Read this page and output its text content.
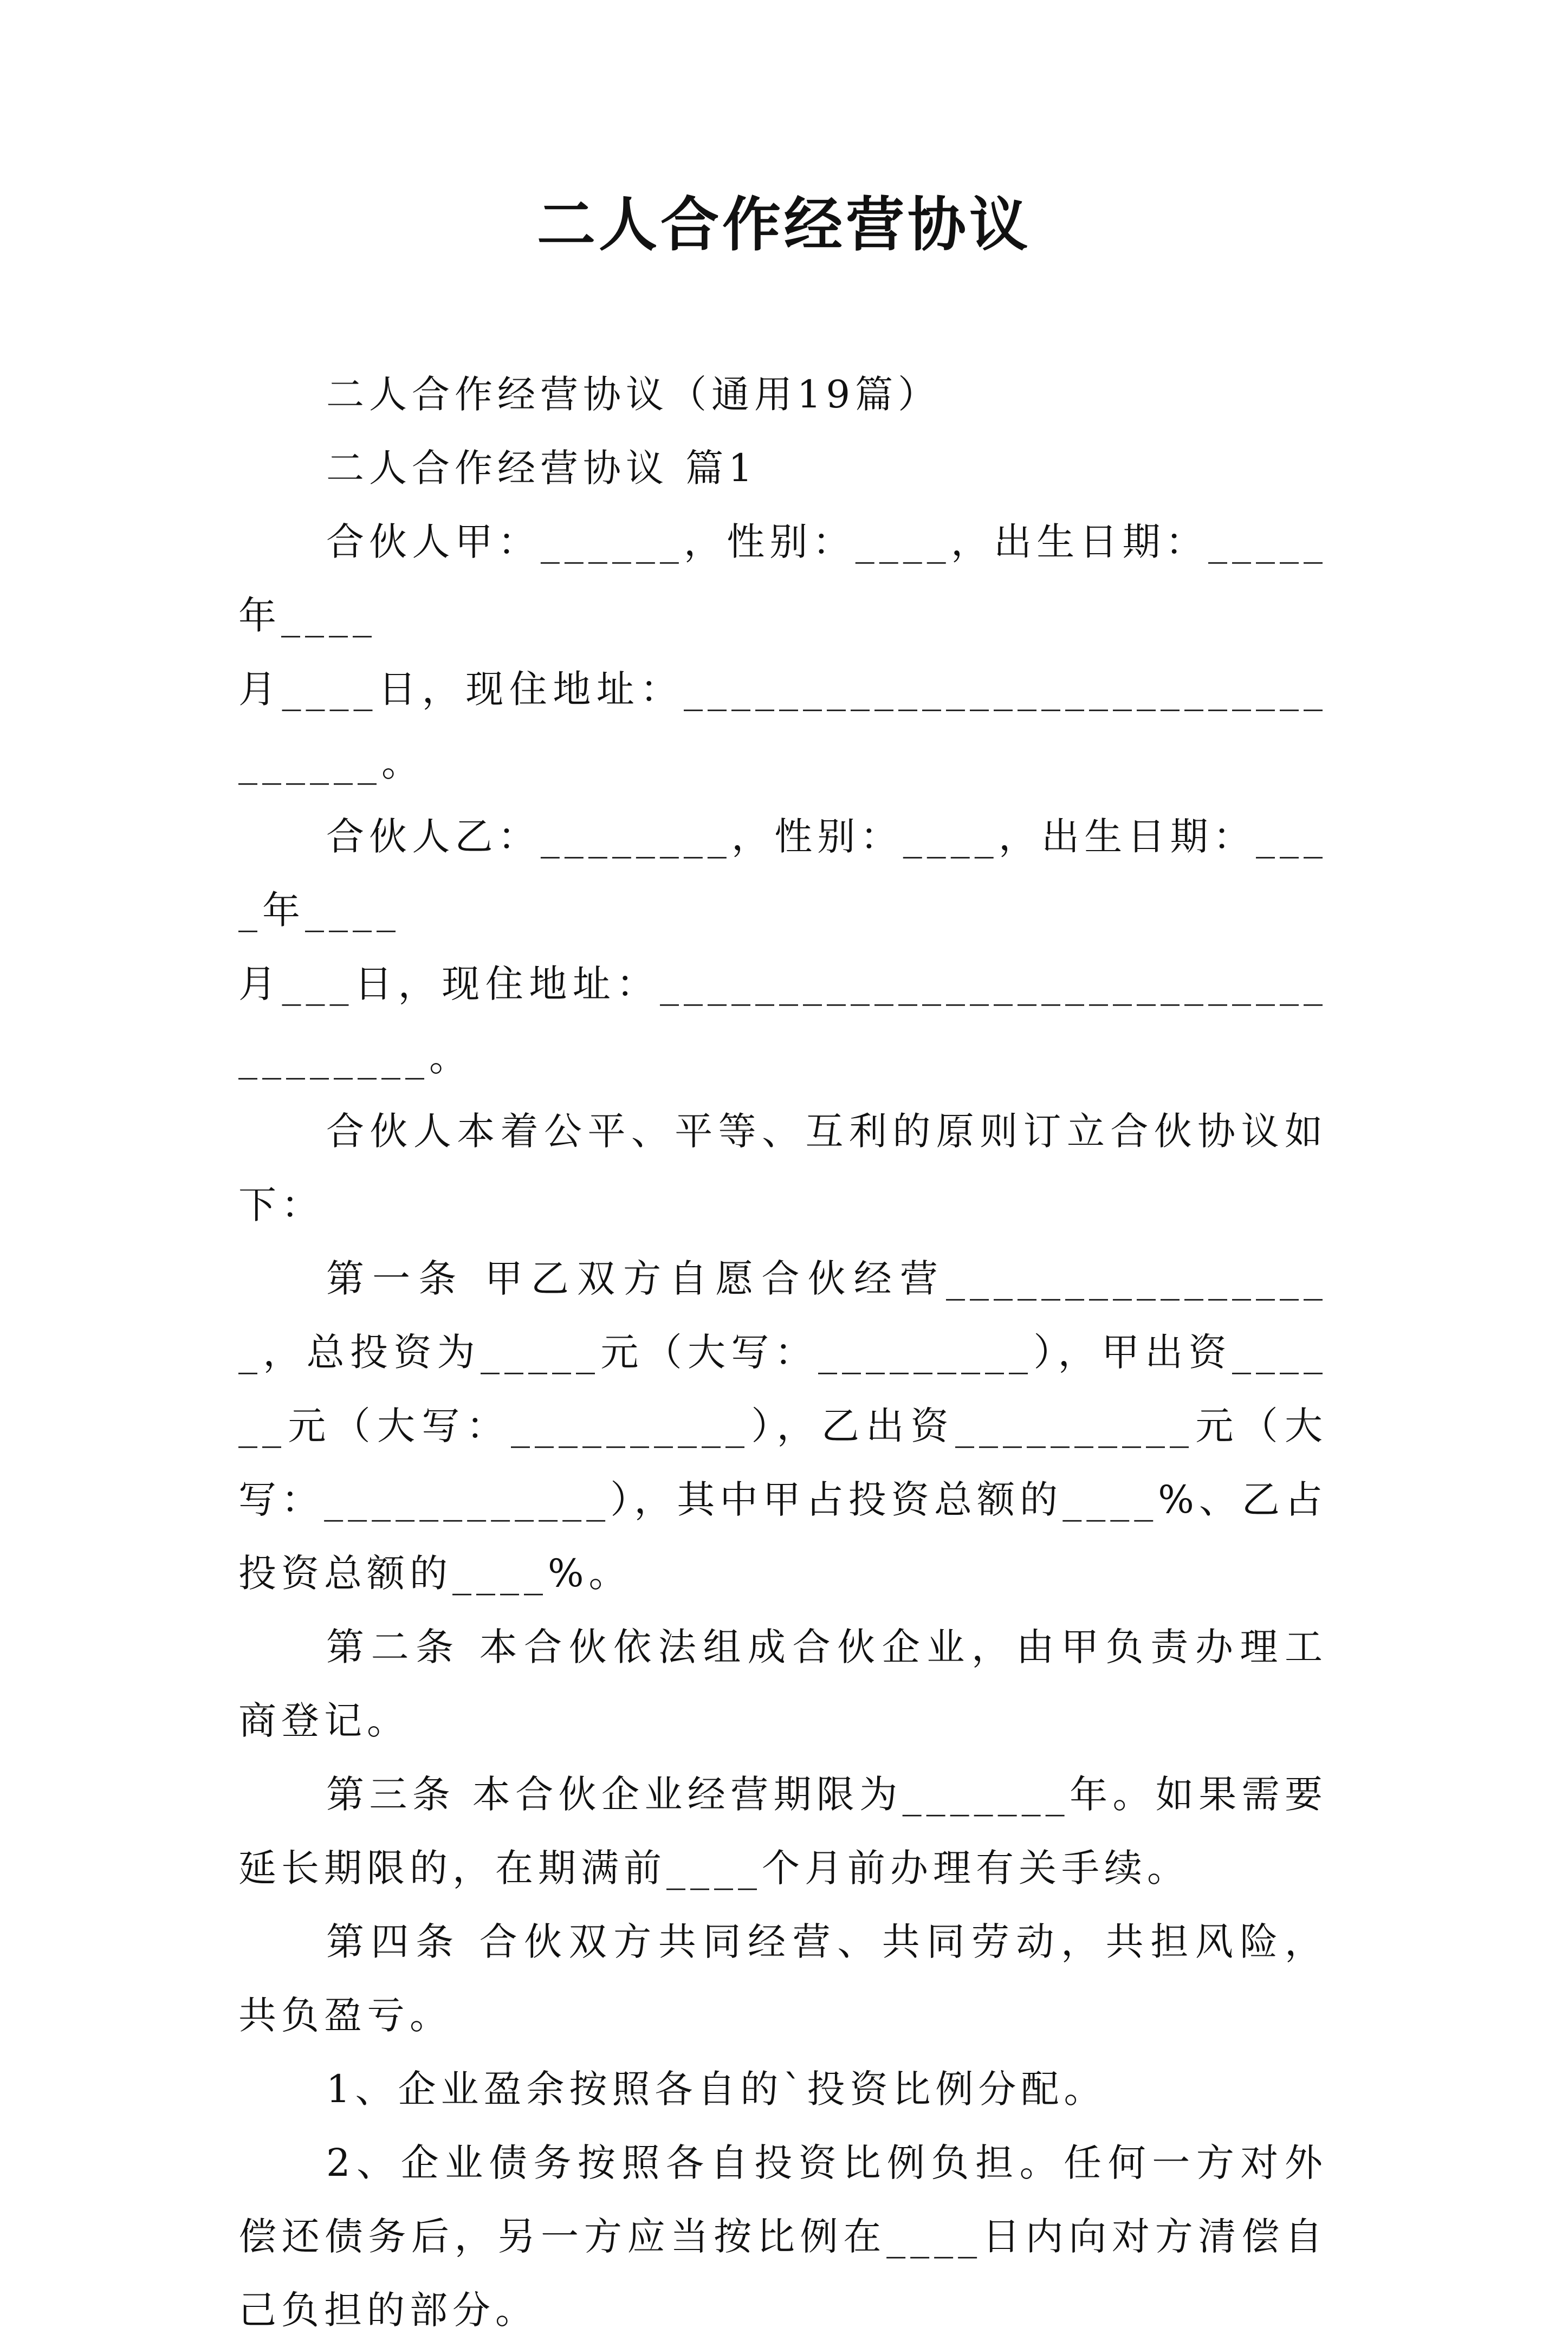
二人合作经营协议

二人合作经营协议（通用19篇）

二人合作经营协议 篇1

合伙人甲：______，性别：____，出生日期：_____年____

月____日，现住地址：_________________________________。

合伙人乙：________，性别：____，出生日期：____年____

月___日，现住地址：____________________________________。

合伙人本着公平、平等、互利的原则订立合伙协议如下：

第一条 甲乙双方自愿合伙经营_________________，总投资为_____元（大写：_________），甲出资______元（大写：__________），乙出资__________元（大写：____________），其中甲占投资总额的____%、乙占投资总额的____%。

第二条 本合伙依法组成合伙企业，由甲负责办理工商登记。

第三条 本合伙企业经营期限为_______年。如果需要延长期限的，在期满前____个月前办理有关手续。

第四条 合伙双方共同经营、共同劳动，共担风险，共负盈亏。

1、企业盈余按照各自的`投资比例分配。

2、企业债务按照各自投资比例负担。任何一方对外偿还债务后，另一方应当按比例在____日内向对方清偿自己负担的部分。
